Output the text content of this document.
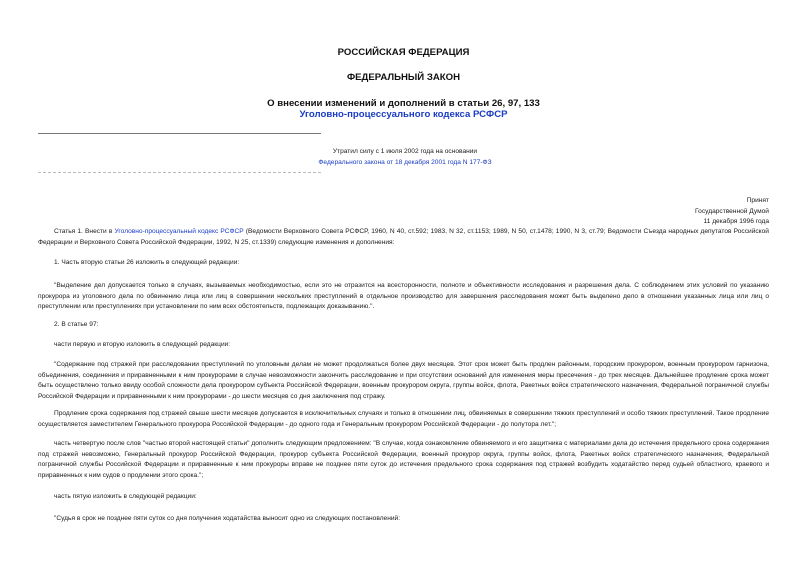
РОССИЙСКАЯ ФЕДЕРАЦИЯ
ФЕДЕРАЛЬНЫЙ ЗАКОН
О внесении изменений и дополнений в статьи 26, 97, 133
Уголовно-процессуального кодекса РСФСР
Утратил силу с 1 июля 2002 года на основании
Федерального закона от 18 декабря 2001 года N 177-ФЗ
Принят
Государственной Думой
11 декабря 1996 года
Статья 1. Внести в Уголовно-процессуальный кодекс РСФСР (Ведомости Верховного Совета РСФСР, 1960, N 40, ст.592; 1983, N 32, ст.1153; 1989, N 50, ст.1478; 1990, N 3, ст.79; Ведомости Съезда народных депутатов Российской Федерации и Верховного Совета Российской Федерации, 1992, N 25, ст.1339) следующие изменения и дополнения:
1. Часть вторую статьи 26 изложить в следующей редакции:
"Выделение дел допускается только в случаях, вызываемых необходимостью, если это не отразится на всесторонности, полноте и объективности исследования и разрешения дела. С соблюдением этих условий по указанию прокурора из уголовного дела по обвинению лица или лиц в совершении нескольких преступлений в отдельное производство для завершения расследования может быть выделено дело в отношении указанных лица или лиц о преступлении или преступлениях при установлении по ним всех обстоятельств, подлежащих доказыванию.".
2. В статье 97:
части первую и вторую изложить в следующей редакции:
"Содержание под стражей при расследовании преступлений по уголовным делам не может продолжаться более двух месяцев. Этот срок может быть продлен районным, городским прокурором, военным прокурором гарнизона, объединения, соединения и приравненными к ним прокурорами в случае невозможности закончить расследование и при отсутствии оснований для изменения меры пресечения - до трех месяцев. Дальнейшее продление срока может быть осуществлено только ввиду особой сложности дела прокурором субъекта Российской Федерации, военным прокурором округа, группы войск, флота, Ракетных войск стратегического назначения, Федеральной пограничной службы Российской Федерации и приравненными к ним прокурорами - до шести месяцев со дня заключения под стражу.
Продление срока содержания под стражей свыше шести месяцев допускается в исключительных случаях и только в отношении лиц, обвиняемых в совершении тяжких преступлений и особо тяжких преступлений. Такое продление осуществляется заместителем Генерального прокурора Российской Федерации - до одного года и Генеральным прокурором Российской Федерации - до полутора лет.";
часть четвертую после слов "частью второй настоящей статьи" дополнить следующим предложением: "В случае, когда ознакомление обвиняемого и его защитника с материалами дела до истечения предельного срока содержания под стражей невозможно, Генеральный прокурор Российской Федерации, прокурор субъекта Российской Федерации, военный прокурор округа, группы войск, флота, Ракетных войск стратегического назначения, Федеральной пограничной службы Российской Федерации и приравненные к ним прокуроры вправе не позднее пяти суток до истечения предельного срока содержания под стражей возбудить ходатайство перед судьей областного, краевого и приравненных к ним судов о продлении этого срока.";
часть пятую изложить в следующей редакции:
"Судья в срок не позднее пяти суток со дня получения ходатайства выносит одно из следующих постановлений:
